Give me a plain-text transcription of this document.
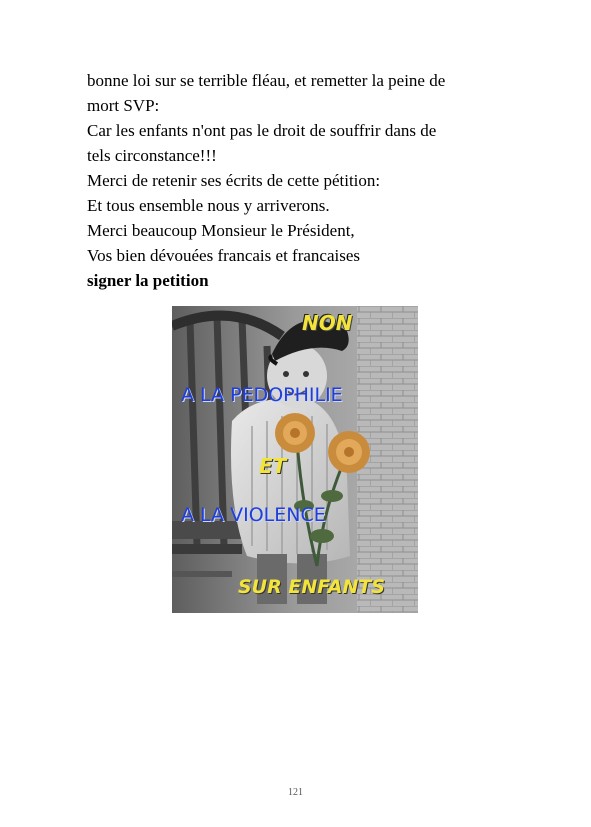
bonne loi sur se terrible fléau, et remetter la peine de

mort SVP:

Car les enfants n'ont pas le droit de souffrir dans de

tels circonstance!!!

Merci de retenir ses écrits de cette pétition:

Et tous ensemble nous y arriverons.

Merci beaucoup Monsieur le Président,

Vos bien dévouées francais et francaises

signer la petition

NON
A LA PEDOPHILIE
ET
A LA VIOLENCE
SUR ENFANTS
121
